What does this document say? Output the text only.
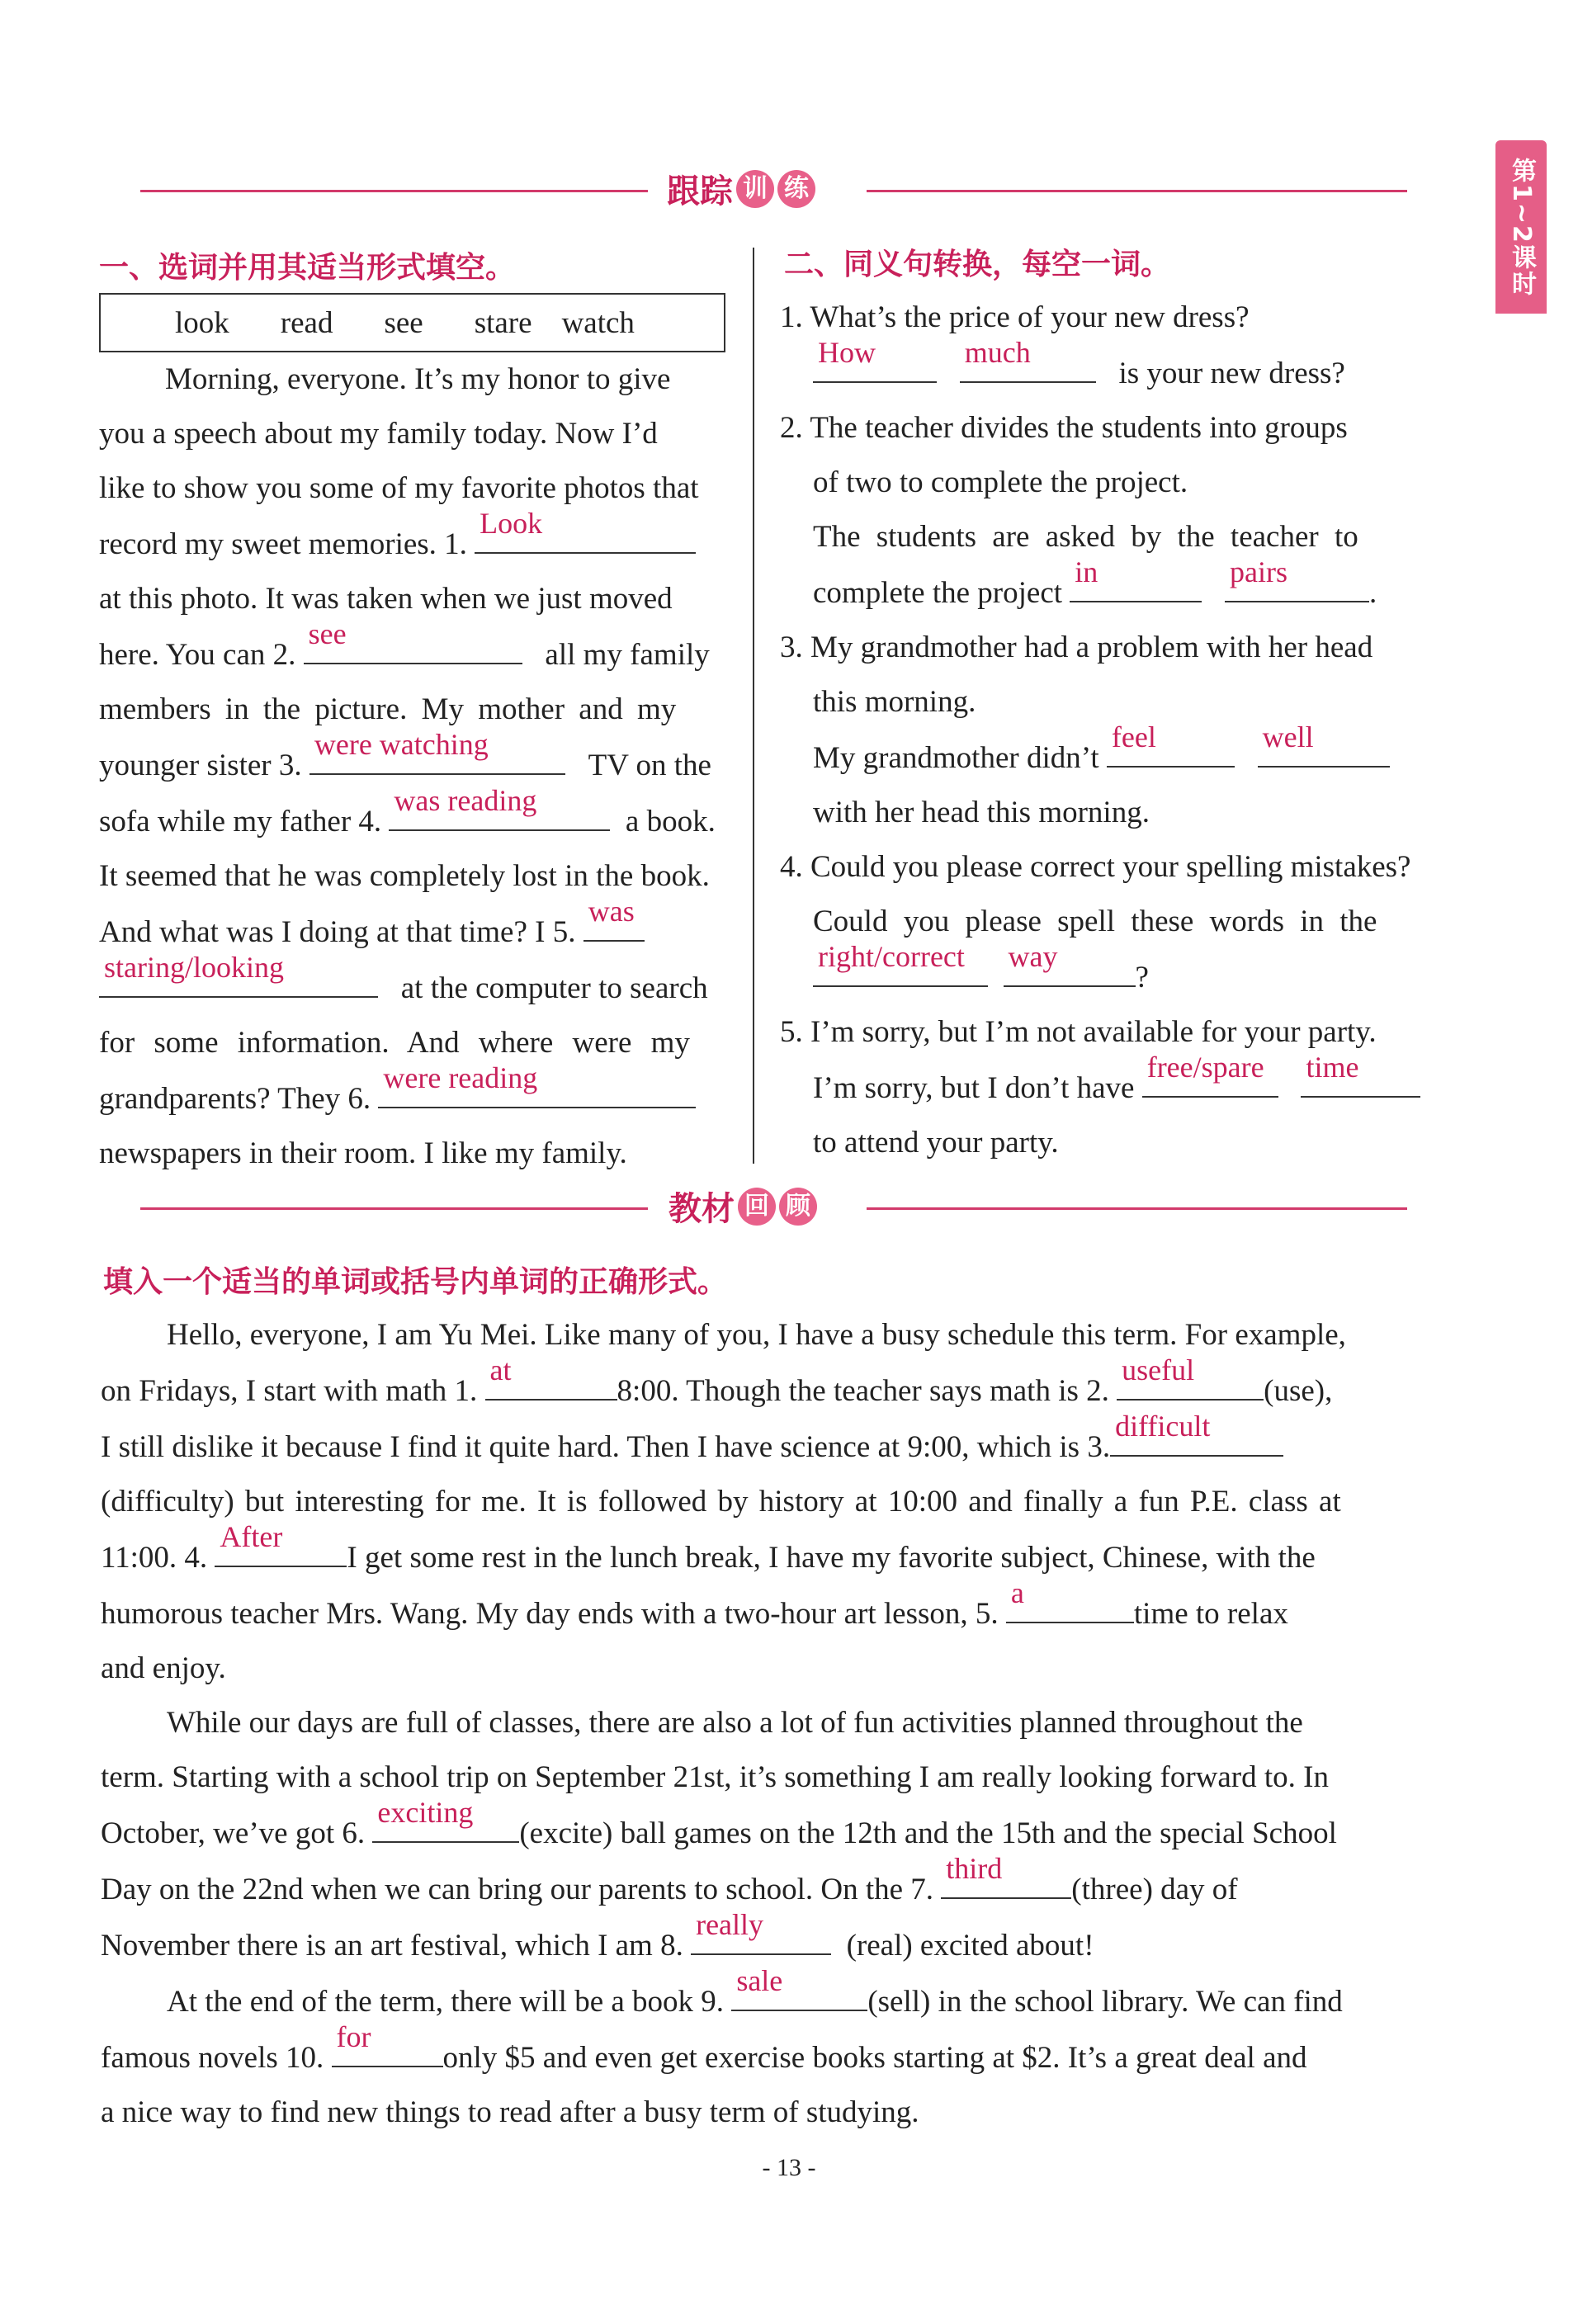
第1~2课时
跟踪 训 练
一、选词并用其适当形式填空。
look read see stare watch
Morning, everyone. It’s my honor to give
you a speech about my family today. Now I’d
like to show you some of my favorite photos that
record my sweet memories. 1.
Look
at this photo. It was taken when we just moved
here. You can 2.
see
all my family
members in the picture. My mother and my
younger sister 3.
were watching
TV on the
sofa while my father 4.
was reading
a book.
It seemed that he was completely lost in the book.
And what was I doing at that time? I 5.
was
staring/looking
at the computer to search
for some information. And where were my
grandparents? They 6.
were reading
newspapers in their room. I like my family.
二、同义句转换，每空一词。
1. What’s the price of your new dress?
How
	much
is your new dress?
2. The teacher divides the students into groups
of two to complete the project.
The students are asked by the teacher to
complete the project
in
	pairs
.
3. My grandmother had a problem with her head
this morning.
My grandmother didn’t
feel
	well
with her head this morning.
4. Could you please correct your spelling mistakes?
Could you please spell these words in the
right/correct
way
?
5. I’m sorry, but I’m not available for your party.
I’m sorry, but I don’t have
free/spare
time
to attend your party.
教材 回 顾
填入一个适当的单词或括号内单词的正确形式。
Hello, everyone, I am Yu Mei. Like many of you, I have a busy schedule this term. For example,
on Fridays, I start with math 1.
at
8:00. Though the teacher says math is 2.
useful
(use),
I still dislike it because I find it quite hard. Then I have science at 9:00, which is 3.
difficult
(difficulty) but interesting for me. It is followed by history at 10:00 and finally a fun P.E. class at
11:00. 4.
After
I get some rest in the lunch break, I have my favorite subject, Chinese, with the
humorous teacher Mrs. Wang. My day ends with a two-hour art lesson, 5.
a
time to relax
and enjoy.
While our days are full of classes, there are also a lot of fun activities planned throughout the
term. Starting with a school trip on September 21st, it’s something I am really looking forward to. In
October, we’ve got 6.
exciting
(excite) ball games on the 12th and the 15th and the special School
Day on the 22nd when we can bring our parents to school. On the 7.
third
(three) day of
November there is an art festival, which I am 8.
really
(real) excited about!
At the end of the term, there will be a book 9.
sale
(sell) in the school library. We can find
famous novels 10.
for
only $5 and even get exercise books starting at $2. It’s a great deal and
a nice way to find new things to read after a busy term of studying.
- 13 -
